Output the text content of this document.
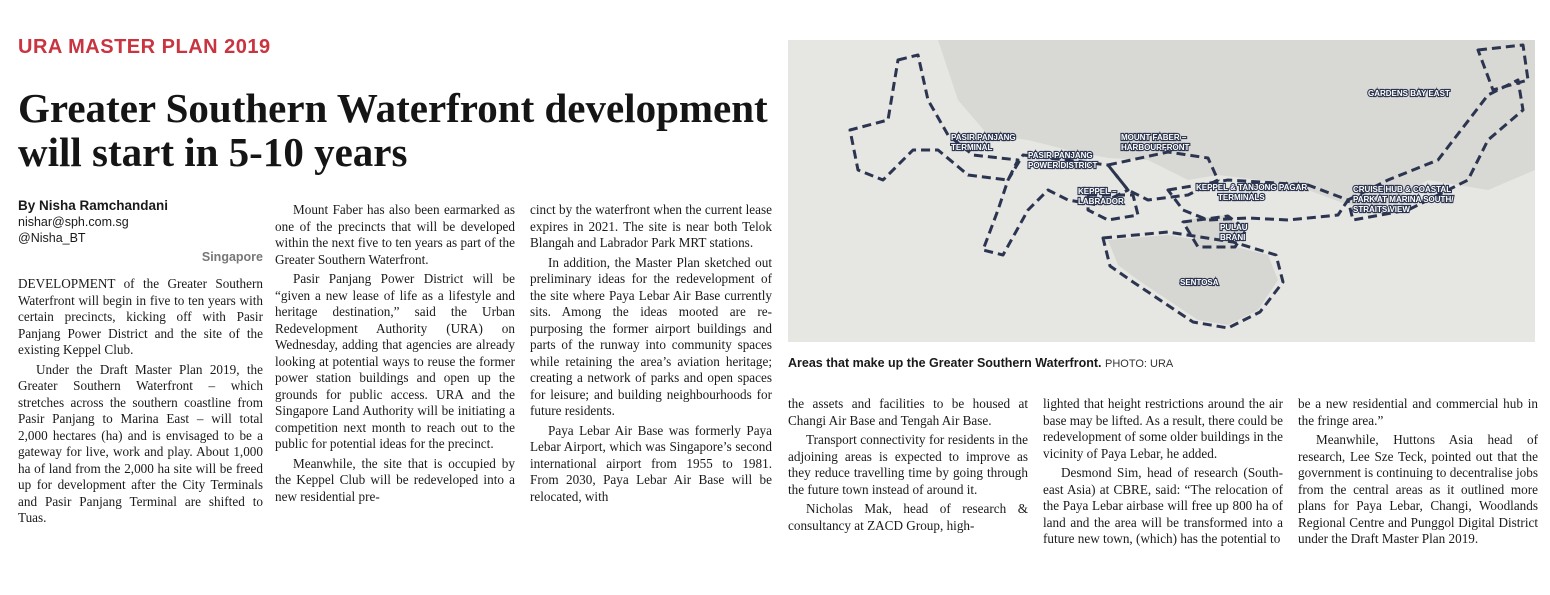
URA MASTER PLAN 2019
Greater Southern Waterfront development will start in 5-10 years
By Nisha Ramchandani
nishar@sph.com.sg
@Nisha_BT
Singapore

DEVELOPMENT of the Greater Southern Waterfront will begin in five to ten years with certain precincts, kicking off with Pasir Panjang Power District and the site of the existing Keppel Club.

Under the Draft Master Plan 2019, the Greater Southern Waterfront – which stretches across the southern coastline from Pasir Panjang to Marina East – will total 2,000 hectares (ha) and is envisaged to be a gateway for live, work and play. About 1,000 ha of land from the 2,000 ha site will be freed up for development after the City Terminals and Pasir Panjang Terminal are shifted to Tuas.

Mount Faber has also been earmarked as one of the precincts that will be developed within the next five to ten years as part of the Greater Southern Waterfront.

Pasir Panjang Power District will be “given a new lease of life as a lifestyle and heritage destination,” said the Urban Redevelopment Authority (URA) on Wednesday, adding that agencies are already looking at potential ways to reuse the former power station buildings and open up the grounds for public access. URA and the Singapore Land Authority will be initiating a competition next month to reach out to the public for potential ideas for the precinct.

Meanwhile, the site that is occupied by the Keppel Club will be redeveloped into a new residential pre-

cinct by the waterfront when the current lease expires in 2021. The site is near both Telok Blangah and Labrador Park MRT stations.

In addition, the Master Plan sketched out preliminary ideas for the redevelopment of the site where Paya Lebar Air Base currently sits. Among the ideas mooted are re-purposing the former airport buildings and parts of the runway into community spaces while retaining the area’s aviation heritage; creating a network of parks and open spaces for leisure; and building neighbourhoods for future residents.

Paya Lebar Air Base was formerly Paya Lebar Airport, which was Singapore’s second international airport from 1955 to 1981. From 2030, Paya Lebar Air Base will be relocated, with

the assets and facilities to be housed at Changi Air Base and Tengah Air Base.

Transport connectivity for residents in the adjoining areas is expected to improve as they reduce travelling time by going through the future town instead of around it.

Nicholas Mak, head of research & consultancy at ZACD Group, high-

lighted that height restrictions around the air base may be lifted. As a result, there could be redevelopment of some older buildings in the vicinity of Paya Lebar, he added.

Desmond Sim, head of research (South-east Asia) at CBRE, said: “The relocation of the Paya Lebar airbase will free up 800 ha of land and the area will be transformed into a future new town, (which) has the potential to

be a new residential and commercial hub in the fringe area.”

Meanwhile, Huttons Asia head of research, Lee Sze Teck, pointed out that the government is continuing to decentralise jobs from the central areas as it outlined more plans for Paya Lebar, Changi, Woodlands Regional Centre and Punggol Digital District under the Draft Master Plan 2019.

PASIR PANJANG TERMINAL
PASIR PANJANG POWER DISTRICT
MOUNT FABER – HARBOURFRONT
GARDENS BAY EAST
KEPPEL – LABRADOR
KEPPEL & TANJONG PAGAR TERMINALS
CRUISE HUB & COASTAL PARK AT MARINA SOUTH/ STRAITS VIEW
PULAU BRANI
SENTOSA
Areas that make up the Greater Southern Waterfront. PHOTO: URA
